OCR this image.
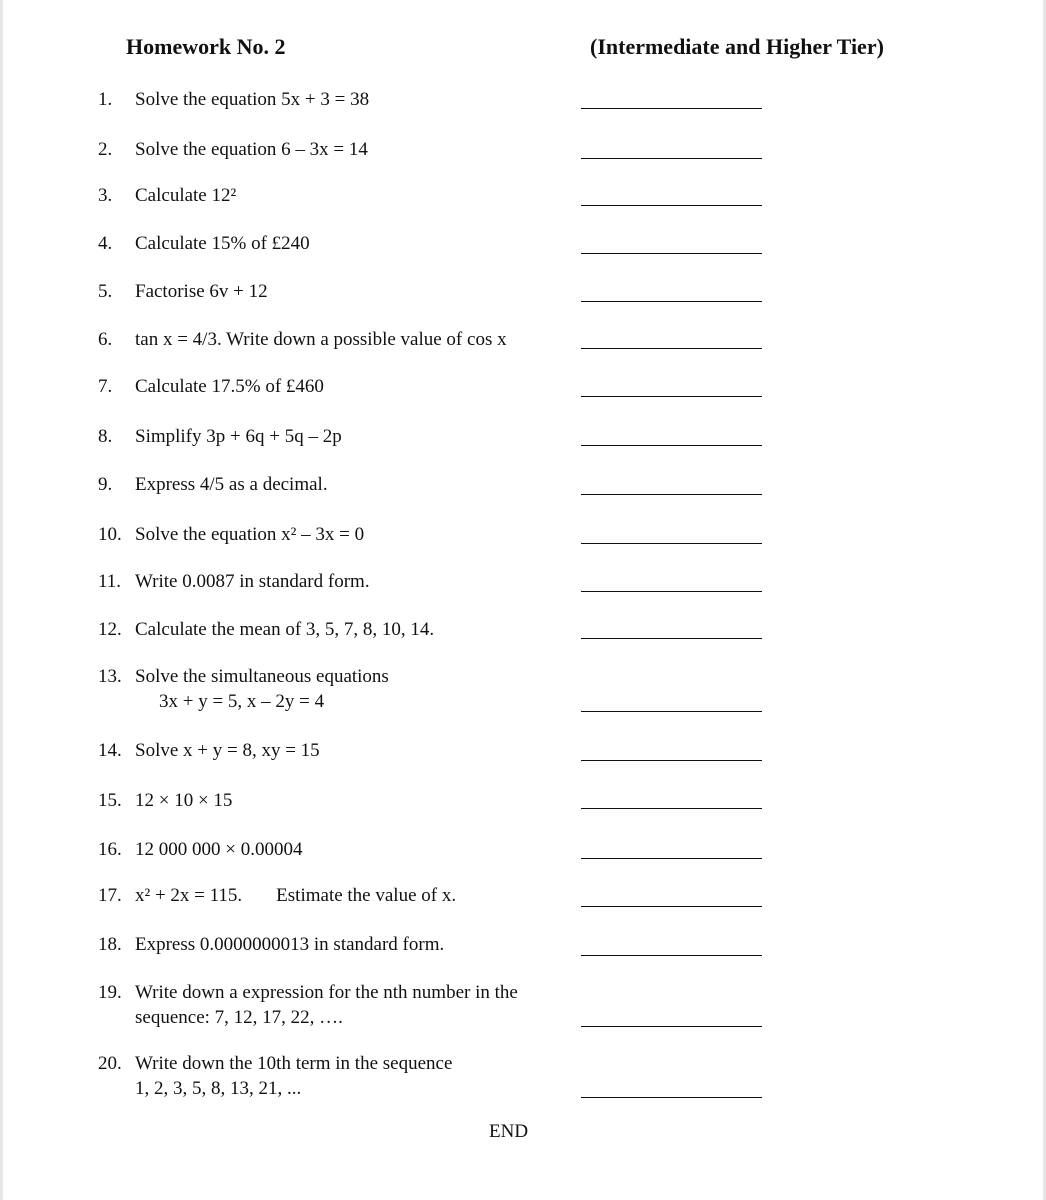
Homework No. 2	(Intermediate and Higher Tier)
1. Solve the equation 5x + 3 = 38
2. Solve the equation 6 – 3x = 14
3. Calculate 12²
4. Calculate 15% of £240
5. Factorise 6v + 12
6. tan x = 4/3. Write down a possible value of cos x
7. Calculate 17.5% of £460
8. Simplify 3p + 6q + 5q – 2p
9. Express 4/5 as a decimal.
10. Solve the equation x² – 3x = 0
11. Write 0.0087 in standard form.
12. Calculate the mean of 3, 5, 7, 8, 10, 14.
13. Solve the simultaneous equations
3x + y = 5, x – 2y = 4
14. Solve x + y = 8, xy = 15
15. 12 × 10 × 15
16. 12 000 000 × 0.00004
17. x² + 2x = 115. Estimate the value of x.
18. Express 0.0000000013 in standard form.
19. Write down a expression for the nth number in the
sequence: 7, 12, 17, 22, ….
20. Write down the 10th term in the sequence
1, 2, 3, 5, 8, 13, 21, ...
END
